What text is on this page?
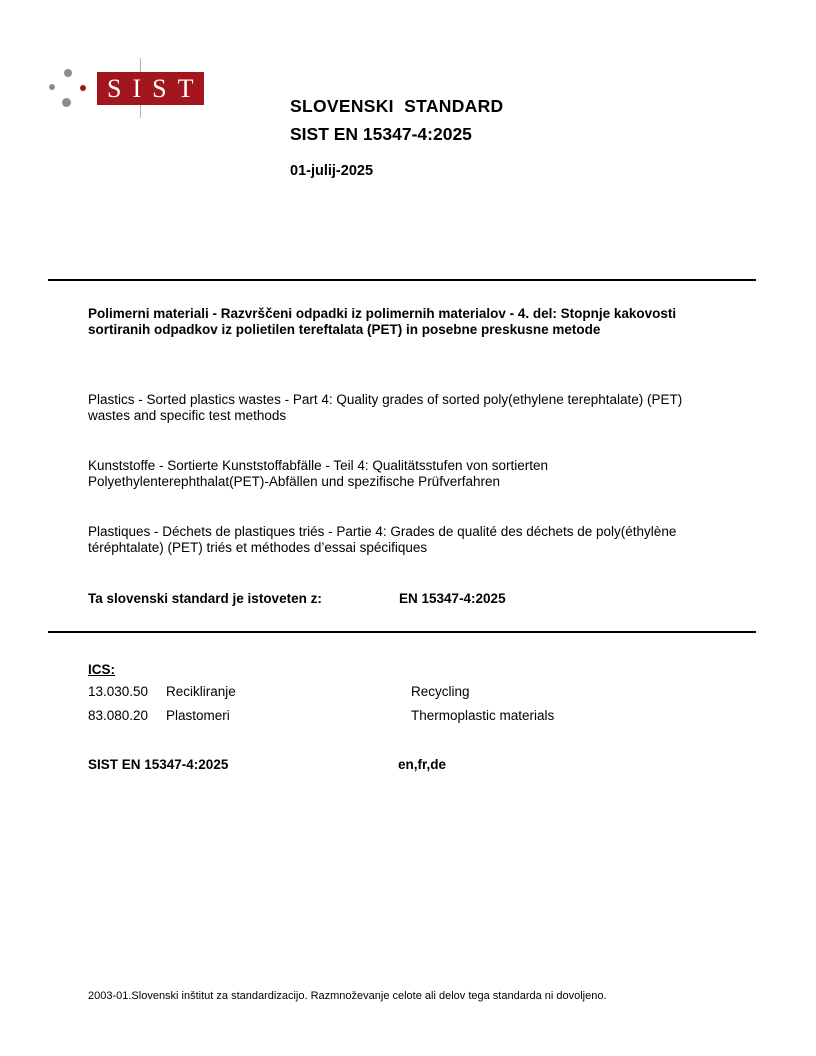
SIST
SLOVENSKI  STANDARD
SIST EN 15347-4:2025
01-julij-2025
Polimerni materiali - Razvrščeni odpadki iz polimernih materialov - 4. del: Stopnje kakovosti sortiranih odpadkov iz polietilen tereftalata (PET) in posebne preskusne metode
Plastics - Sorted plastics wastes - Part 4: Quality grades of sorted poly(ethylene terephtalate) (PET) wastes and specific test methods
Kunststoffe - Sortierte Kunststoffabfälle - Teil 4: Qualitätsstufen von sortierten Polyethylenterephthalat(PET)-Abfällen und spezifische Prüfverfahren
Plastiques - Déchets de plastiques triés - Partie 4: Grades de qualité des déchets de poly(éthylène téréphtalate) (PET) triés et méthodes d’essai spécifiques
Ta slovenski standard je istoveten z:	EN 15347-4:2025
ICS:
13.030.50 Recikliranje	Recycling
83.080.20 Plastomeri	Thermoplastic materials
SIST EN 15347-4:2025	en,fr,de
2003-01.Slovenski inštitut za standardizacijo. Razmnoževanje celote ali delov tega standarda ni dovoljeno.
